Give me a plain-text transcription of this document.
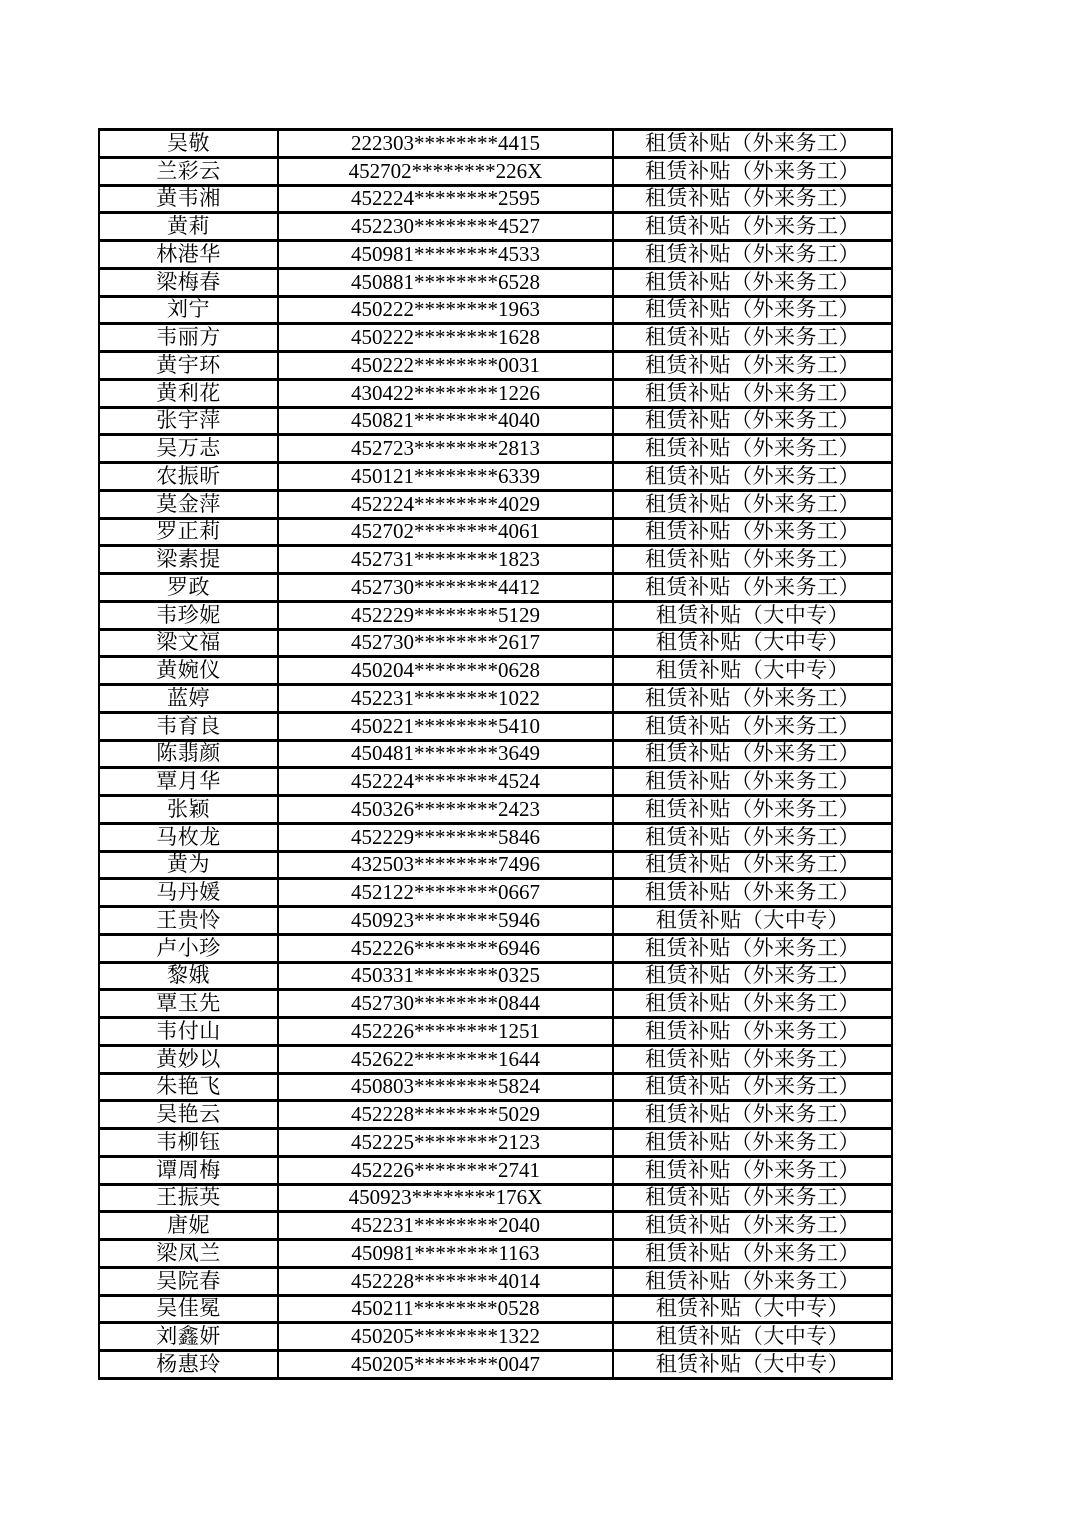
吴敬	222303********4415	租赁补贴（外来务工）
兰彩云	452702********226X	租赁补贴（外来务工）
黄韦湘	452224********2595	租赁补贴（外来务工）
黄莉	452230********4527	租赁补贴（外来务工）
林港华	450981********4533	租赁补贴（外来务工）
梁梅春	450881********6528	租赁补贴（外来务工）
刘宁	450222********1963	租赁补贴（外来务工）
韦丽方	450222********1628	租赁补贴（外来务工）
黄宇环	450222********0031	租赁补贴（外来务工）
黄利花	430422********1226	租赁补贴（外来务工）
张宇萍	450821********4040	租赁补贴（外来务工）
吴万志	452723********2813	租赁补贴（外来务工）
农振昕	450121********6339	租赁补贴（外来务工）
莫金萍	452224********4029	租赁补贴（外来务工）
罗正莉	452702********4061	租赁补贴（外来务工）
梁素提	452731********1823	租赁补贴（外来务工）
罗政	452730********4412	租赁补贴（外来务工）
韦珍妮	452229********5129	租赁补贴（大中专）
梁文福	452730********2617	租赁补贴（大中专）
黄婉仪	450204********0628	租赁补贴（大中专）
蓝婷	452231********1022	租赁补贴（外来务工）
韦育良	450221********5410	租赁补贴（外来务工）
陈翡颜	450481********3649	租赁补贴（外来务工）
覃月华	452224********4524	租赁补贴（外来务工）
张颖	450326********2423	租赁补贴（外来务工）
马枚龙	452229********5846	租赁补贴（外来务工）
黄为	432503********7496	租赁补贴（外来务工）
马丹媛	452122********0667	租赁补贴（外来务工）
王贵怜	450923********5946	租赁补贴（大中专）
卢小珍	452226********6946	租赁补贴（外来务工）
黎娥	450331********0325	租赁补贴（外来务工）
覃玉先	452730********0844	租赁补贴（外来务工）
韦付山	452226********1251	租赁补贴（外来务工）
黄妙以	452622********1644	租赁补贴（外来务工）
朱艳飞	450803********5824	租赁补贴（外来务工）
吴艳云	452228********5029	租赁补贴（外来务工）
韦柳钰	452225********2123	租赁补贴（外来务工）
谭周梅	452226********2741	租赁补贴（外来务工）
王振英	450923********176X	租赁补贴（外来务工）
唐妮	452231********2040	租赁补贴（外来务工）
梁凤兰	450981********1163	租赁补贴（外来务工）
吴院春	452228********4014	租赁补贴（外来务工）
吴佳冕	450211********0528	租赁补贴（大中专）
刘鑫妍	450205********1322	租赁补贴（大中专）
杨惠玲	450205********0047	租赁补贴（大中专）
